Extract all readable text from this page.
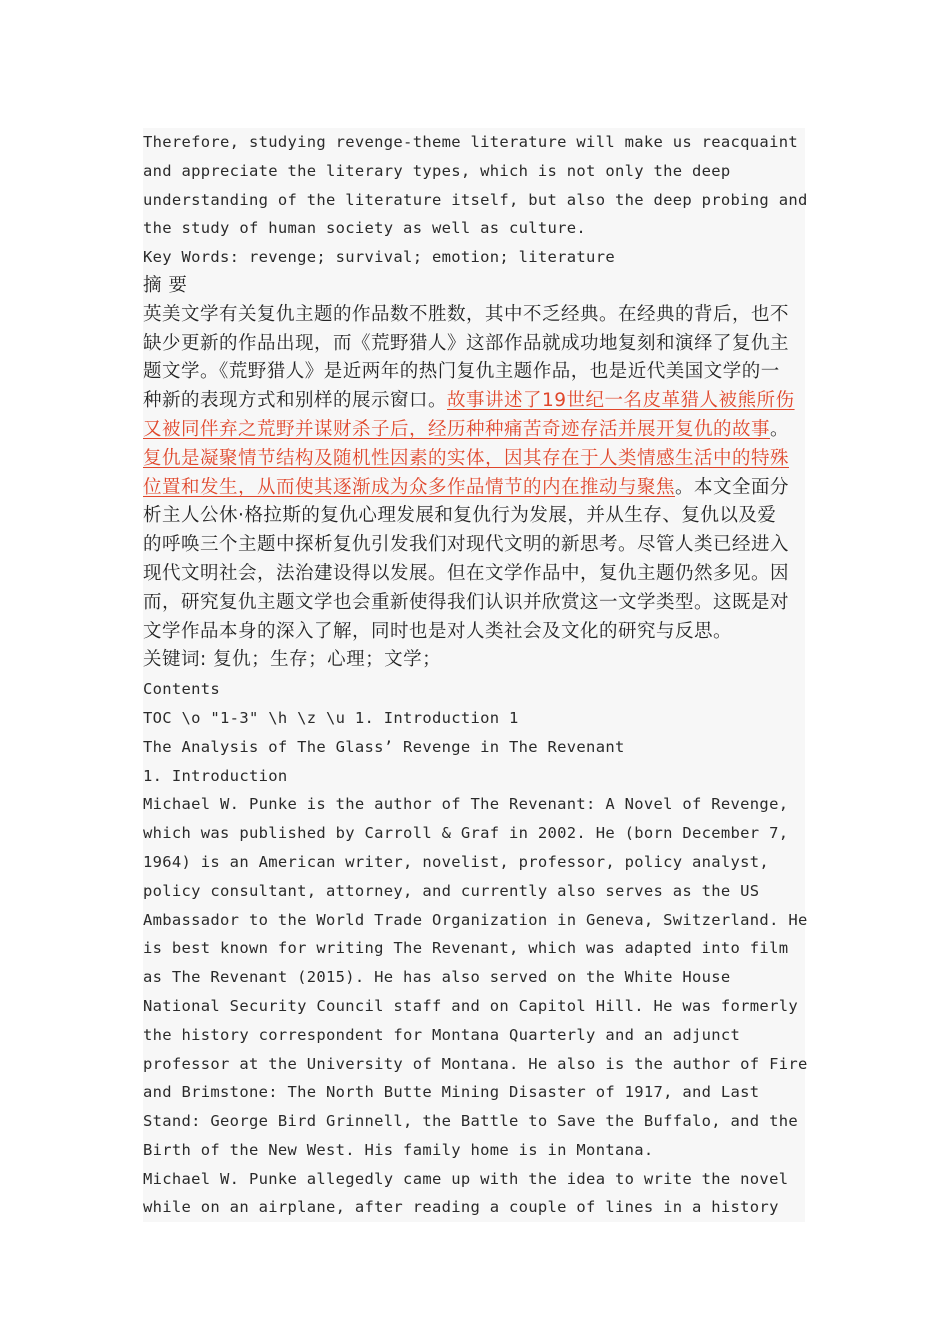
Therefore, studying revenge-theme literature will make us reacquaint
and appreciate the literary types, which is not only the deep
understanding of the literature itself, but also the deep probing and
the study of human society as well as culture.
Key Words: revenge; survival; emotion; literature
摘 要
英美文学有关复仇主题的作品数不胜数，其中不乏经典。在经典的背后，也不
缺少更新的作品出现，而《荒野猎人》这部作品就成功地复刻和演绎了复仇主
题文学。《荒野猎人》是近两年的热门复仇主题作品，也是近代美国文学的一
种新的表现方式和别样的展示窗口。故事讲述了19世纪一名皮革猎人被熊所伤
又被同伴弃之荒野并谋财杀子后，经历种种痛苦奇迹存活并展开复仇的故事。
复仇是凝聚情节结构及随机性因素的实体，因其存在于人类情感生活中的特殊
位置和发生，从而使其逐渐成为众多作品情节的内在推动与聚焦。本文全面分
析主人公休·格拉斯的复仇心理发展和复仇行为发展，并从生存、复仇以及爱
的呼唤三个主题中探析复仇引发我们对现代文明的新思考。尽管人类已经进入
现代文明社会，法治建设得以发展。但在文学作品中，复仇主题仍然多见。因
而，研究复仇主题文学也会重新使得我们认识并欣赏这一文学类型。这既是对
文学作品本身的深入了解，同时也是对人类社会及文化的研究与反思。
关键词: 复仇；生存；心理；文学；
Contents
TOC \o "1-3" \h \z \u 1. Introduction 1
The Analysis of The Glass’ Revenge in The Revenant
1. Introduction
Michael W. Punke is the author of The Revenant: A Novel of Revenge,
which was published by Carroll & Graf in 2002. He (born December 7,
1964) is an American writer, novelist, professor, policy analyst,
policy consultant, attorney, and currently also serves as the US
Ambassador to the World Trade Organization in Geneva, Switzerland. He
is best known for writing The Revenant, which was adapted into film
as The Revenant (2015). He has also served on the White House
National Security Council staff and on Capitol Hill. He was formerly
the history correspondent for Montana Quarterly and an adjunct
professor at the University of Montana. He also is the author of Fire
and Brimstone: The North Butte Mining Disaster of 1917, and Last
Stand: George Bird Grinnell, the Battle to Save the Buffalo, and the
Birth of the New West. His family home is in Montana.
Michael W. Punke allegedly came up with the idea to write the novel
while on an airplane, after reading a couple of lines in a history
